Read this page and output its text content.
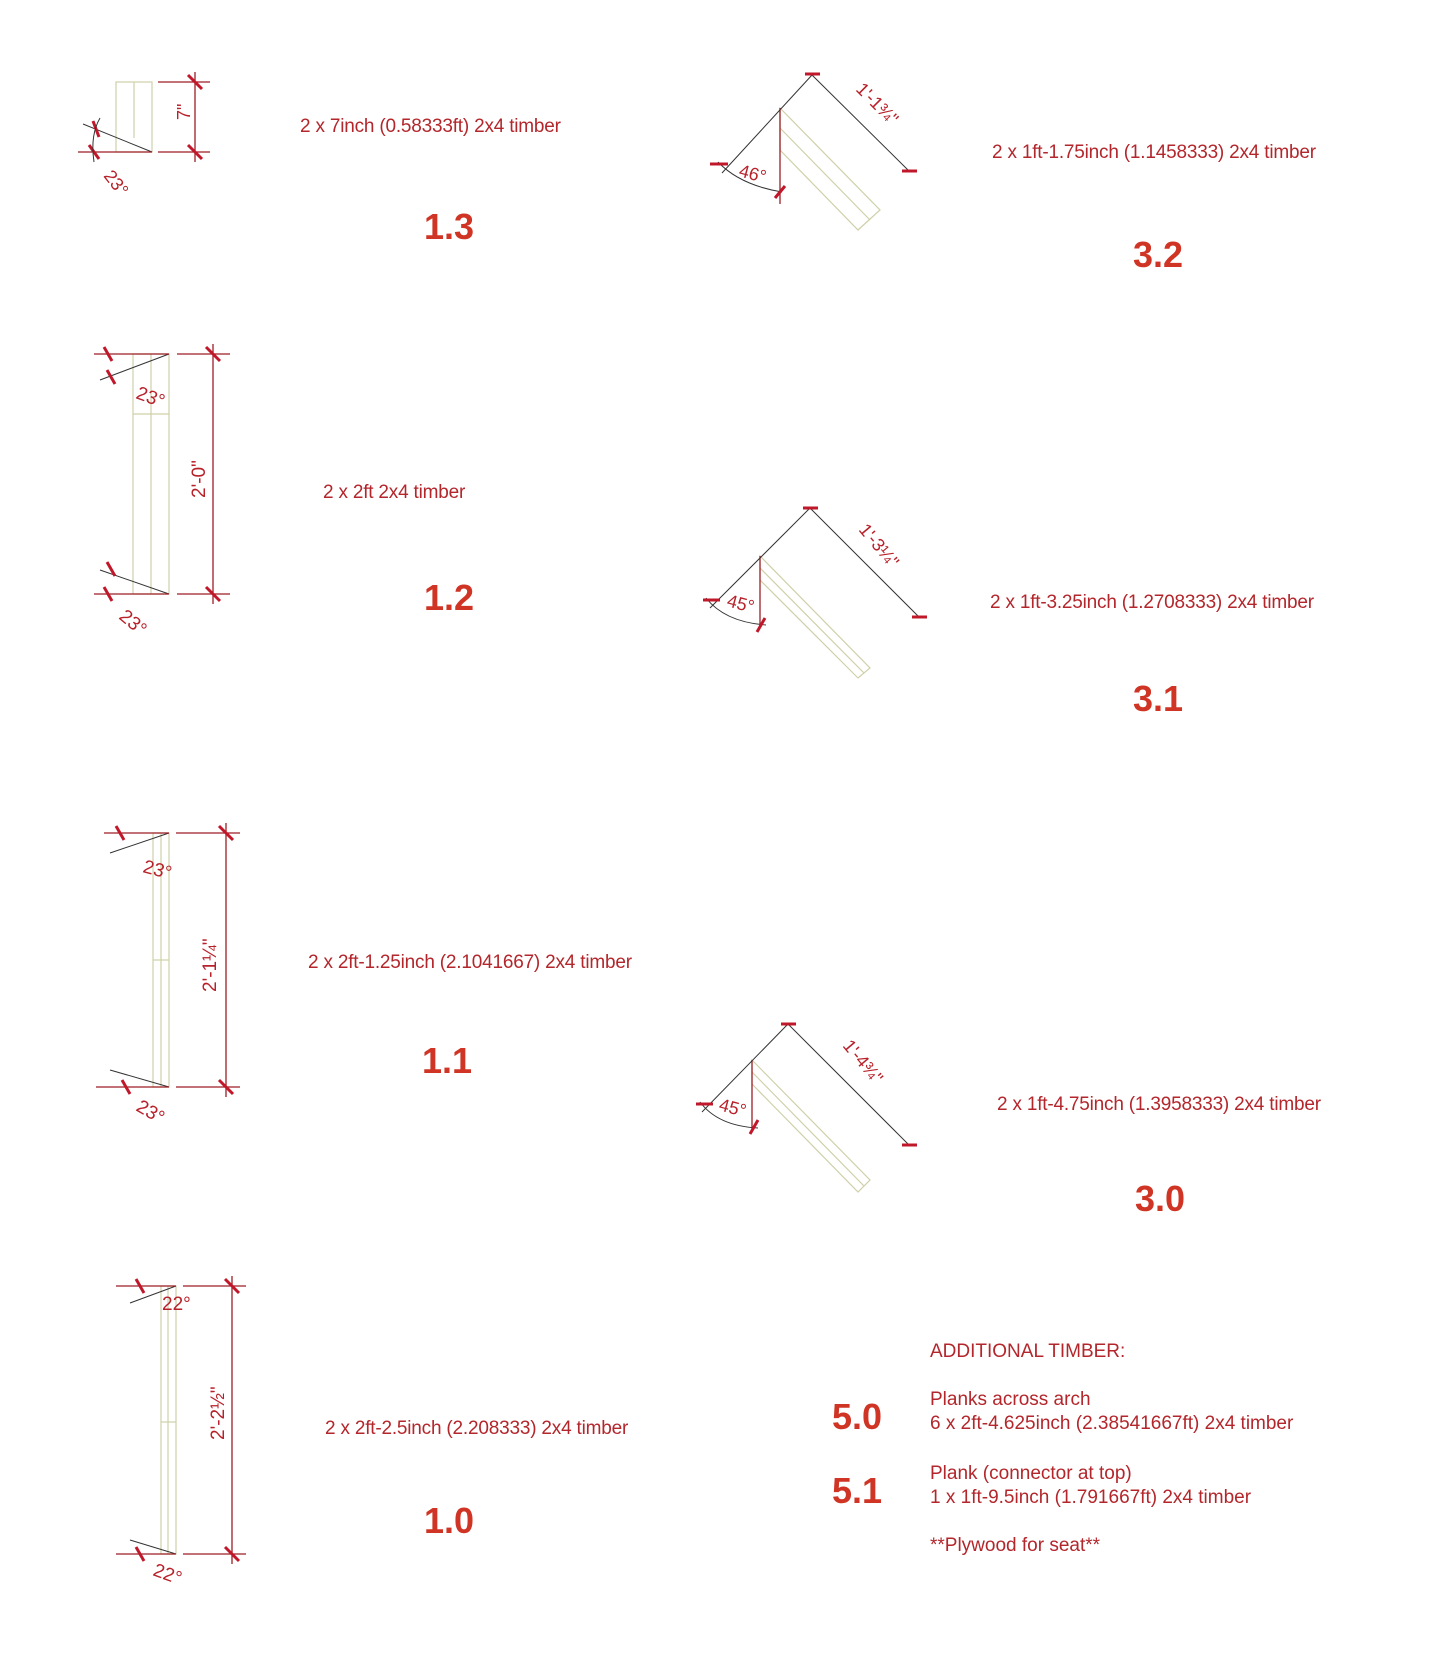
7"
23°
23°
2'-0"
23°
23°
2'-1¼"
23°
22°
2'-2½"
22°
46°
1'-1¾"
45°
1'-3¼"
45°
1'-4¾"
2 x 7inch (0.58333ft) 2x4 timber
1.3
2 x 2ft 2x4 timber
1.2
2 x 2ft-1.25inch (2.1041667) 2x4 timber
1.1
2 x 2ft-2.5inch (2.208333) 2x4 timber
1.0
2 x 1ft-1.75inch (1.1458333) 2x4 timber
3.2
2 x 1ft-3.25inch (1.2708333) 2x4 timber
3.1
2 x 1ft-4.75inch (1.3958333) 2x4 timber
3.0
ADDITIONAL TIMBER:
5.0	Planks across arch
6 x 2ft-4.625inch (2.38541667ft) 2x4 timber
5.1	Plank (connector at top)
1 x 1ft-9.5inch (1.791667ft) 2x4 timber
**Plywood for seat**
